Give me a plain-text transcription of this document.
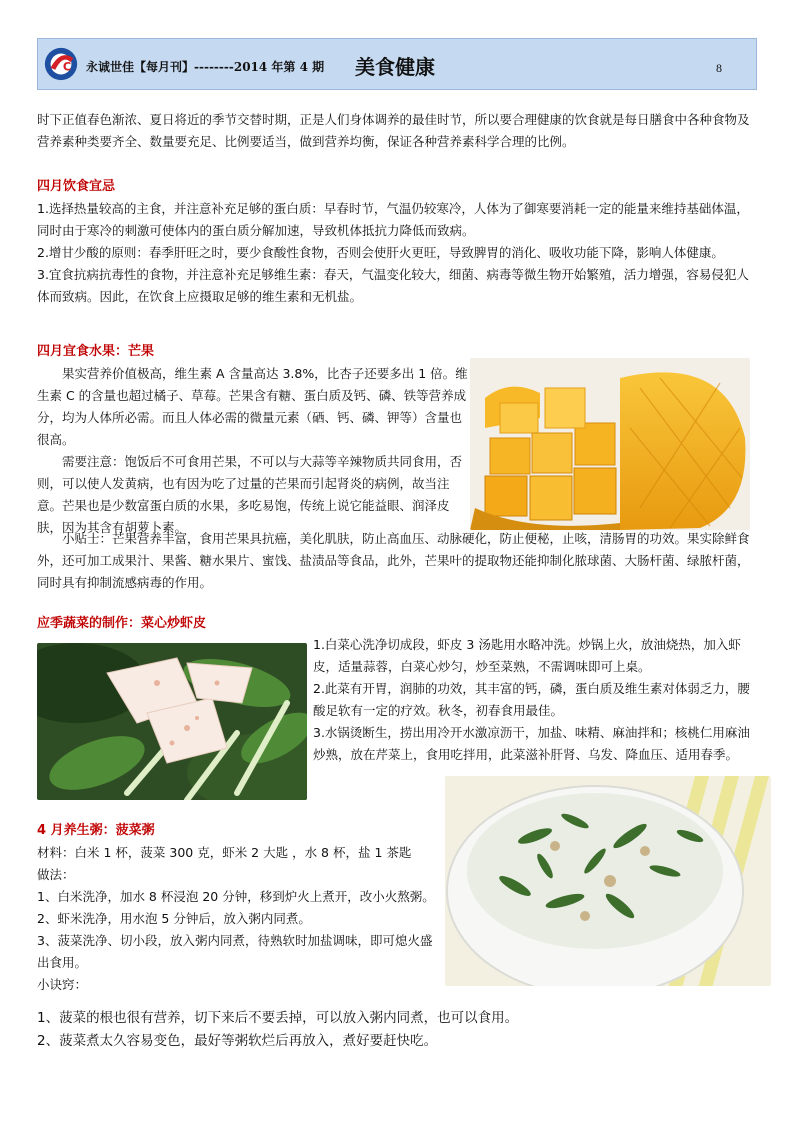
C 永诚世佳【每月刊】--------2014 年第 4 期 美食健康	8

时下正值春色渐浓、夏日将近的季节交替时期，正是人们身体调养的最佳时节，所以要合理健康的饮食就是每日膳食中各种食物及营养素种类要齐全、数量要充足、比例要适当，做到营养均衡，保证各种营养素科学合理的比例。

四月饮食宜忌

1.选择热量较高的主食，并注意补充足够的蛋白质：早春时节，气温仍较寒冷，人体为了御寒要消耗一定的能量来维持基础体温，同时由于寒冷的刺激可使体内的蛋白质分解加速，导致机体抵抗力降低而致病。

2.增甘少酸的原则：春季肝旺之时，要少食酸性食物，否则会使肝火更旺，导致脾胃的消化、吸收功能下降，影响人体健康。

3.宜食抗病抗毒性的食物，并注意补充足够维生素：春天，气温变化较大，细菌、病毒等微生物开始繁殖，活力增强，容易侵犯人体而致病。因此，在饮食上应摄取足够的维生素和无机盐。

四月宜食水果：芒果

果实营养价值极高，维生素 A 含量高达 3.8%，比杏子还要多出 1 倍。维生素 C 的含量也超过橘子、草莓。芒果含有糖、蛋白质及钙、磷、铁等营养成分，均为人体所必需。而且人体必需的微量元素（硒、钙、磷、钾等）含量也很高。

需要注意：饱饭后不可食用芒果，不可以与大蒜等辛辣物质共同食用，否则，可以使人发黄病，也有因为吃了过量的芒果而引起肾炎的病例，故当注意。芒果也是少数富蛋白质的水果，多吃易饱，传统上说它能益眼、润泽皮肤，因为其含有胡萝卜素。

小贴士：芒果营养丰富，食用芒果具抗癌，美化肌肤，防止高血压、动脉硬化，防止便秘，止咳，清肠胃的功效。果实除鲜食外，还可加工成果汁、果酱、糖水果片、蜜饯、盐渍品等食品，此外，芒果叶的提取物还能抑制化脓球菌、大肠杆菌、绿脓杆菌，同时具有抑制流感病毒的作用。

应季蔬菜的制作：菜心炒虾皮

1.白菜心洗净切成段，虾皮 3 汤匙用水略冲洗。炒锅上火，放油烧热，加入虾皮，适量蒜蓉，白菜心炒匀，炒至菜熟，不需调味即可上桌。

2.此菜有开胃，润肺的功效，其丰富的钙，磷，蛋白质及维生素对体弱乏力，腰酸足软有一定的疗效。秋冬，初春食用最佳。

3.水锅烫断生，捞出用冷开水激凉沥干，加盐、味精、麻油拌和；核桃仁用麻油炒熟，放在芹菜上，食用吃拌用，此菜滋补肝肾、乌发、降血压、适用春季。

4 月养生粥：菠菜粥

材料：白米 1 杯，菠菜 300 克，虾米 2 大匙 ，水 8 杯，盐 1 茶匙

做法：

1、白米洗净，加水 8 杯浸泡 20 分钟，移到炉火上煮开，改小火熬粥。

2、虾米洗净，用水泡 5 分钟后，放入粥内同煮。

3、菠菜洗净、切小段，放入粥内同煮，待熟软时加盐调味，即可熄火盛出食用。

小诀窍：

1、菠菜的根也很有营养，切下来后不要丢掉，可以放入粥内同煮，也可以食用。

2、菠菜煮太久容易变色，最好等粥软烂后再放入，煮好要赶快吃。
